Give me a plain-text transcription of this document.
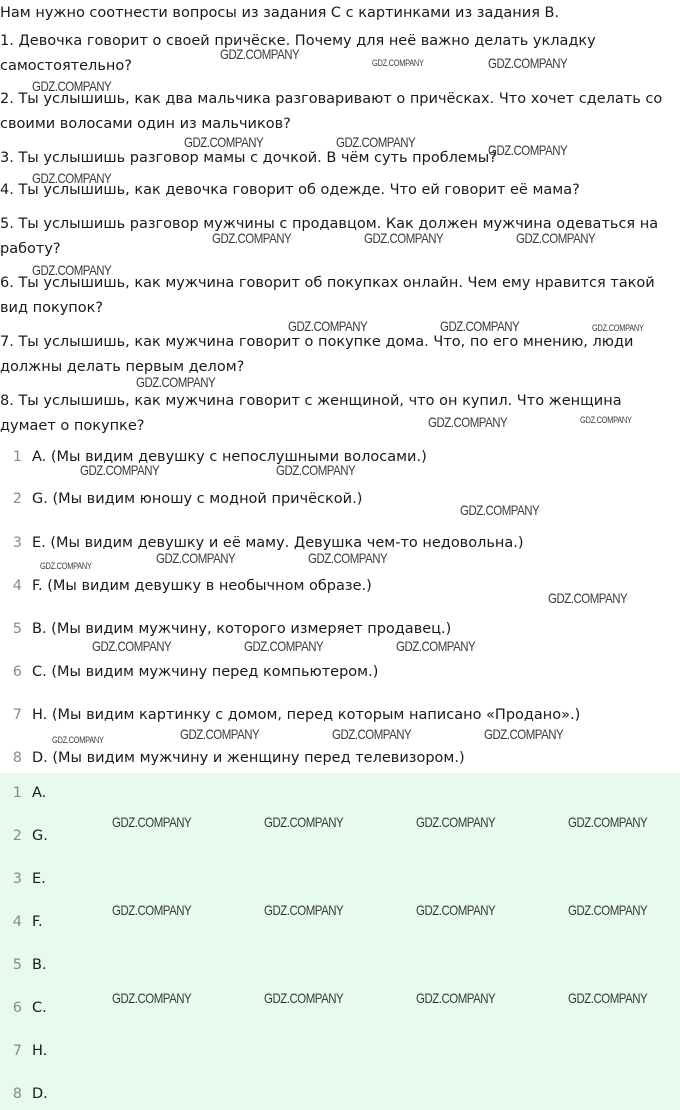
Нам нужно соотнести вопросы из задания С с картинками из задания B.
1. Девочка говорит о своей причёске. Почему для неё важно делать укладку самостоятельно?
2. Ты услышишь, как два мальчика разговаривают о причёсках. Что хочет сделать со своими волосами один из мальчиков?
3. Ты услышишь разговор мамы с дочкой. В чём суть проблемы?
4. Ты услышишь, как девочка говорит об одежде. Что ей говорит её мама?
5. Ты услышишь разговор мужчины с продавцом. Как должен мужчина одеваться на работу?
6. Ты услышишь, как мужчина говорит об покупках онлайн. Чем ему нравится такой вид покупок?
7. Ты услышишь, как мужчина говорит о покупке дома. Что, по его мнению, люди должны делать первым делом?
8. Ты услышишь, как мужчина говорит с женщиной, что он купил. Что женщина думает о покупке?
1 A. (Мы видим девушку с непослушными волосами.)
2 G. (Мы видим юношу с модной причёской.)
3 E. (Мы видим девушку и её маму. Девушка чем-то недовольна.)
4 F. (Мы видим девушку в необычном образе.)
5 B. (Мы видим мужчину, которого измеряет продавец.)
6 C. (Мы видим мужчину перед компьютером.)
7 H. (Мы видим картинку с домом, перед которым написано «Продано».)
8 D. (Мы видим мужчину и женщину перед телевизором.)
1 A.
2 G.
3 E.
4 F.
5 B.
6 C.
7 H.
8 D.
GDZ.COMPANY
GDZ.COMPANY	GDZ.COMPANY
GDZ.COMPANY
GDZ.COMPANY	GDZ.COMPANY	GDZ.COMPANY
GDZ.COMPANY
GDZ.COMPANY	GDZ.COMPANY	GDZ.COMPANY
GDZ.COMPANY
GDZ.COMPANY	GDZ.COMPANY	GDZ.COMPANY
GDZ.COMPANY
GDZ.COMPANY	GDZ.COMPANY
GDZ.COMPANY	GDZ.COMPANY
GDZ.COMPANY
GDZ.COMPANY	GDZ.COMPANY	GDZ.COMPANY
GDZ.COMPANY
GDZ.COMPANY	GDZ.COMPANY	GDZ.COMPANY
GDZ.COMPANY	GDZ.COMPANY	GDZ.COMPANY	GDZ.COMPANY
GDZ.COMPANY	GDZ.COMPANY	GDZ.COMPANY	GDZ.COMPANY
GDZ.COMPANY	GDZ.COMPANY	GDZ.COMPANY	GDZ.COMPANY
GDZ.COMPANY	GDZ.COMPANY	GDZ.COMPANY	GDZ.COMPANY
